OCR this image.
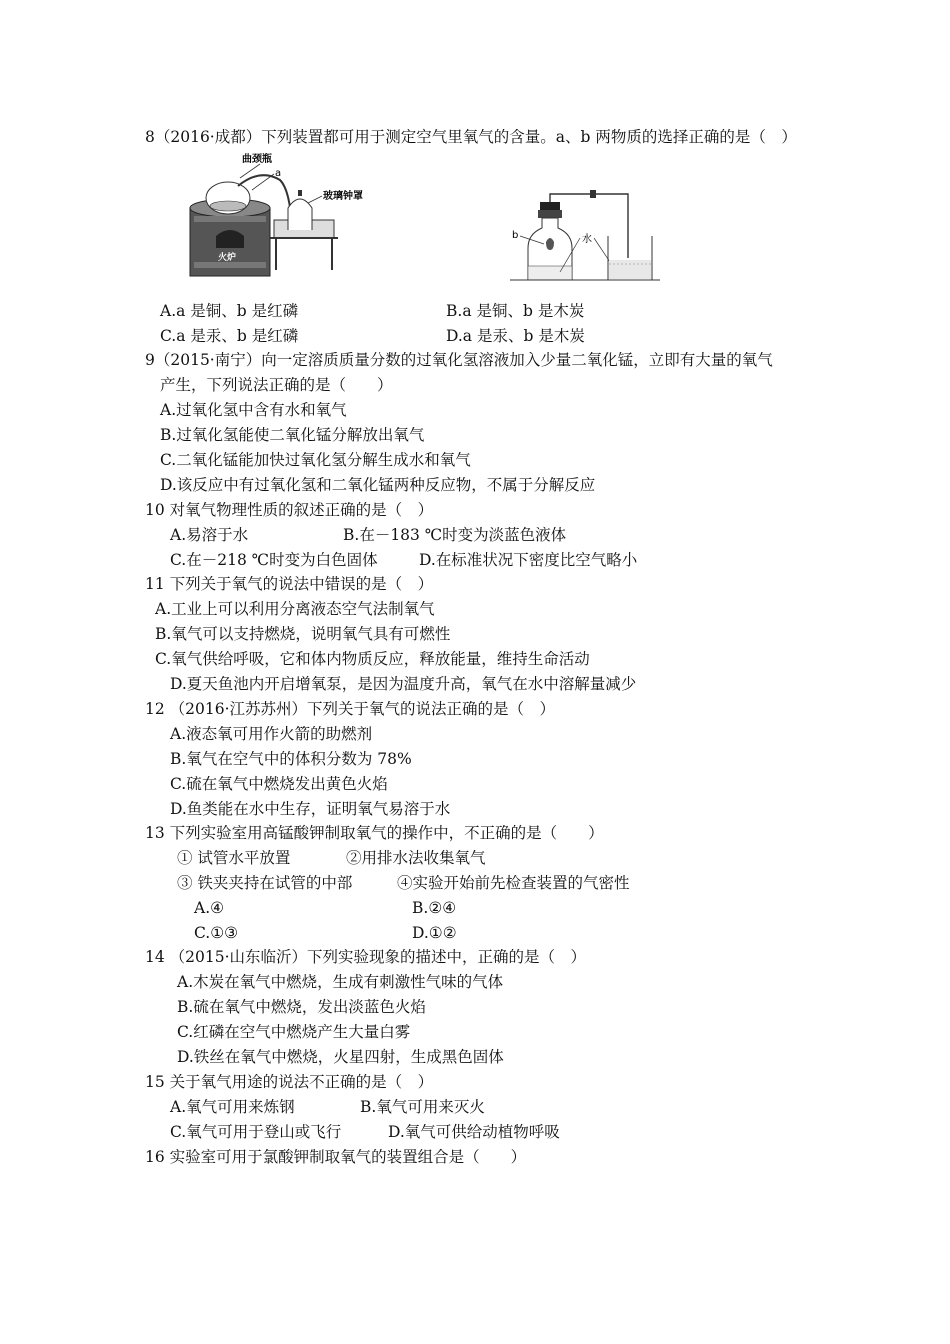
8（2016·成都）下列装置都可用于测定空气里氧气的含量。a、b 两物质的选择正确的是（　）
曲颈瓶
a
玻璃钟罩
火炉
b	水
A.a 是铜、b 是红磷	B.a 是铜、b 是木炭
C.a 是汞、b 是红磷	D.a 是汞、b 是木炭
9（2015·南宁）向一定溶质质量分数的过氧化氢溶液加入少量二氧化锰，立即有大量的氧气
产生，下列说法正确的是（　　）
A.过氧化氢中含有水和氧气
B.过氧化氢能使二氧化锰分解放出氧气
C.二氧化锰能加快过氧化氢分解生成水和氧气
D.该反应中有过氧化氢和二氧化锰两种反应物，不属于分解反应
10 对氧气物理性质的叙述正确的是（　）
A.易溶于水	B.在－183 ℃时变为淡蓝色液体
C.在－218 ℃时变为白色固体	D.在标准状况下密度比空气略小
11 下列关于氧气的说法中错误的是（　）
A.工业上可以利用分离液态空气法制氧气
B.氧气可以支持燃烧，说明氧气具有可燃性
C.氧气供给呼吸，它和体内物质反应，释放能量，维持生命活动
D.夏天鱼池内开启增氧泵，是因为温度升高，氧气在水中溶解量减少
12 （2016·江苏苏州）下列关于氧气的说法正确的是（　）
A.液态氧可用作火箭的助燃剂
B.氧气在空气中的体积分数为 78%
C.硫在氧气中燃烧发出黄色火焰
D.鱼类能在水中生存，证明氧气易溶于水
13 下列实验室用高锰酸钾制取氧气的操作中，不正确的是（　　）
① 试管水平放置	②用排水法收集氧气
③ 铁夹夹持在试管的中部	④实验开始前先检查装置的气密性
A.④	B.②④
C.①③	D.①②
14 （2015·山东临沂）下列实验现象的描述中，正确的是（　）
A.木炭在氧气中燃烧，生成有刺激性气味的气体
B.硫在氧气中燃烧，发出淡蓝色火焰
C.红磷在空气中燃烧产生大量白雾
D.铁丝在氧气中燃烧，火星四射，生成黑色固体
15 关于氧气用途的说法不正确的是（　）
A.氧气可用来炼钢	B.氧气可用来灭火
C.氧气可用于登山或飞行	D.氧气可供给动植物呼吸
16 实验室可用于氯酸钾制取氧气的装置组合是（　　）
